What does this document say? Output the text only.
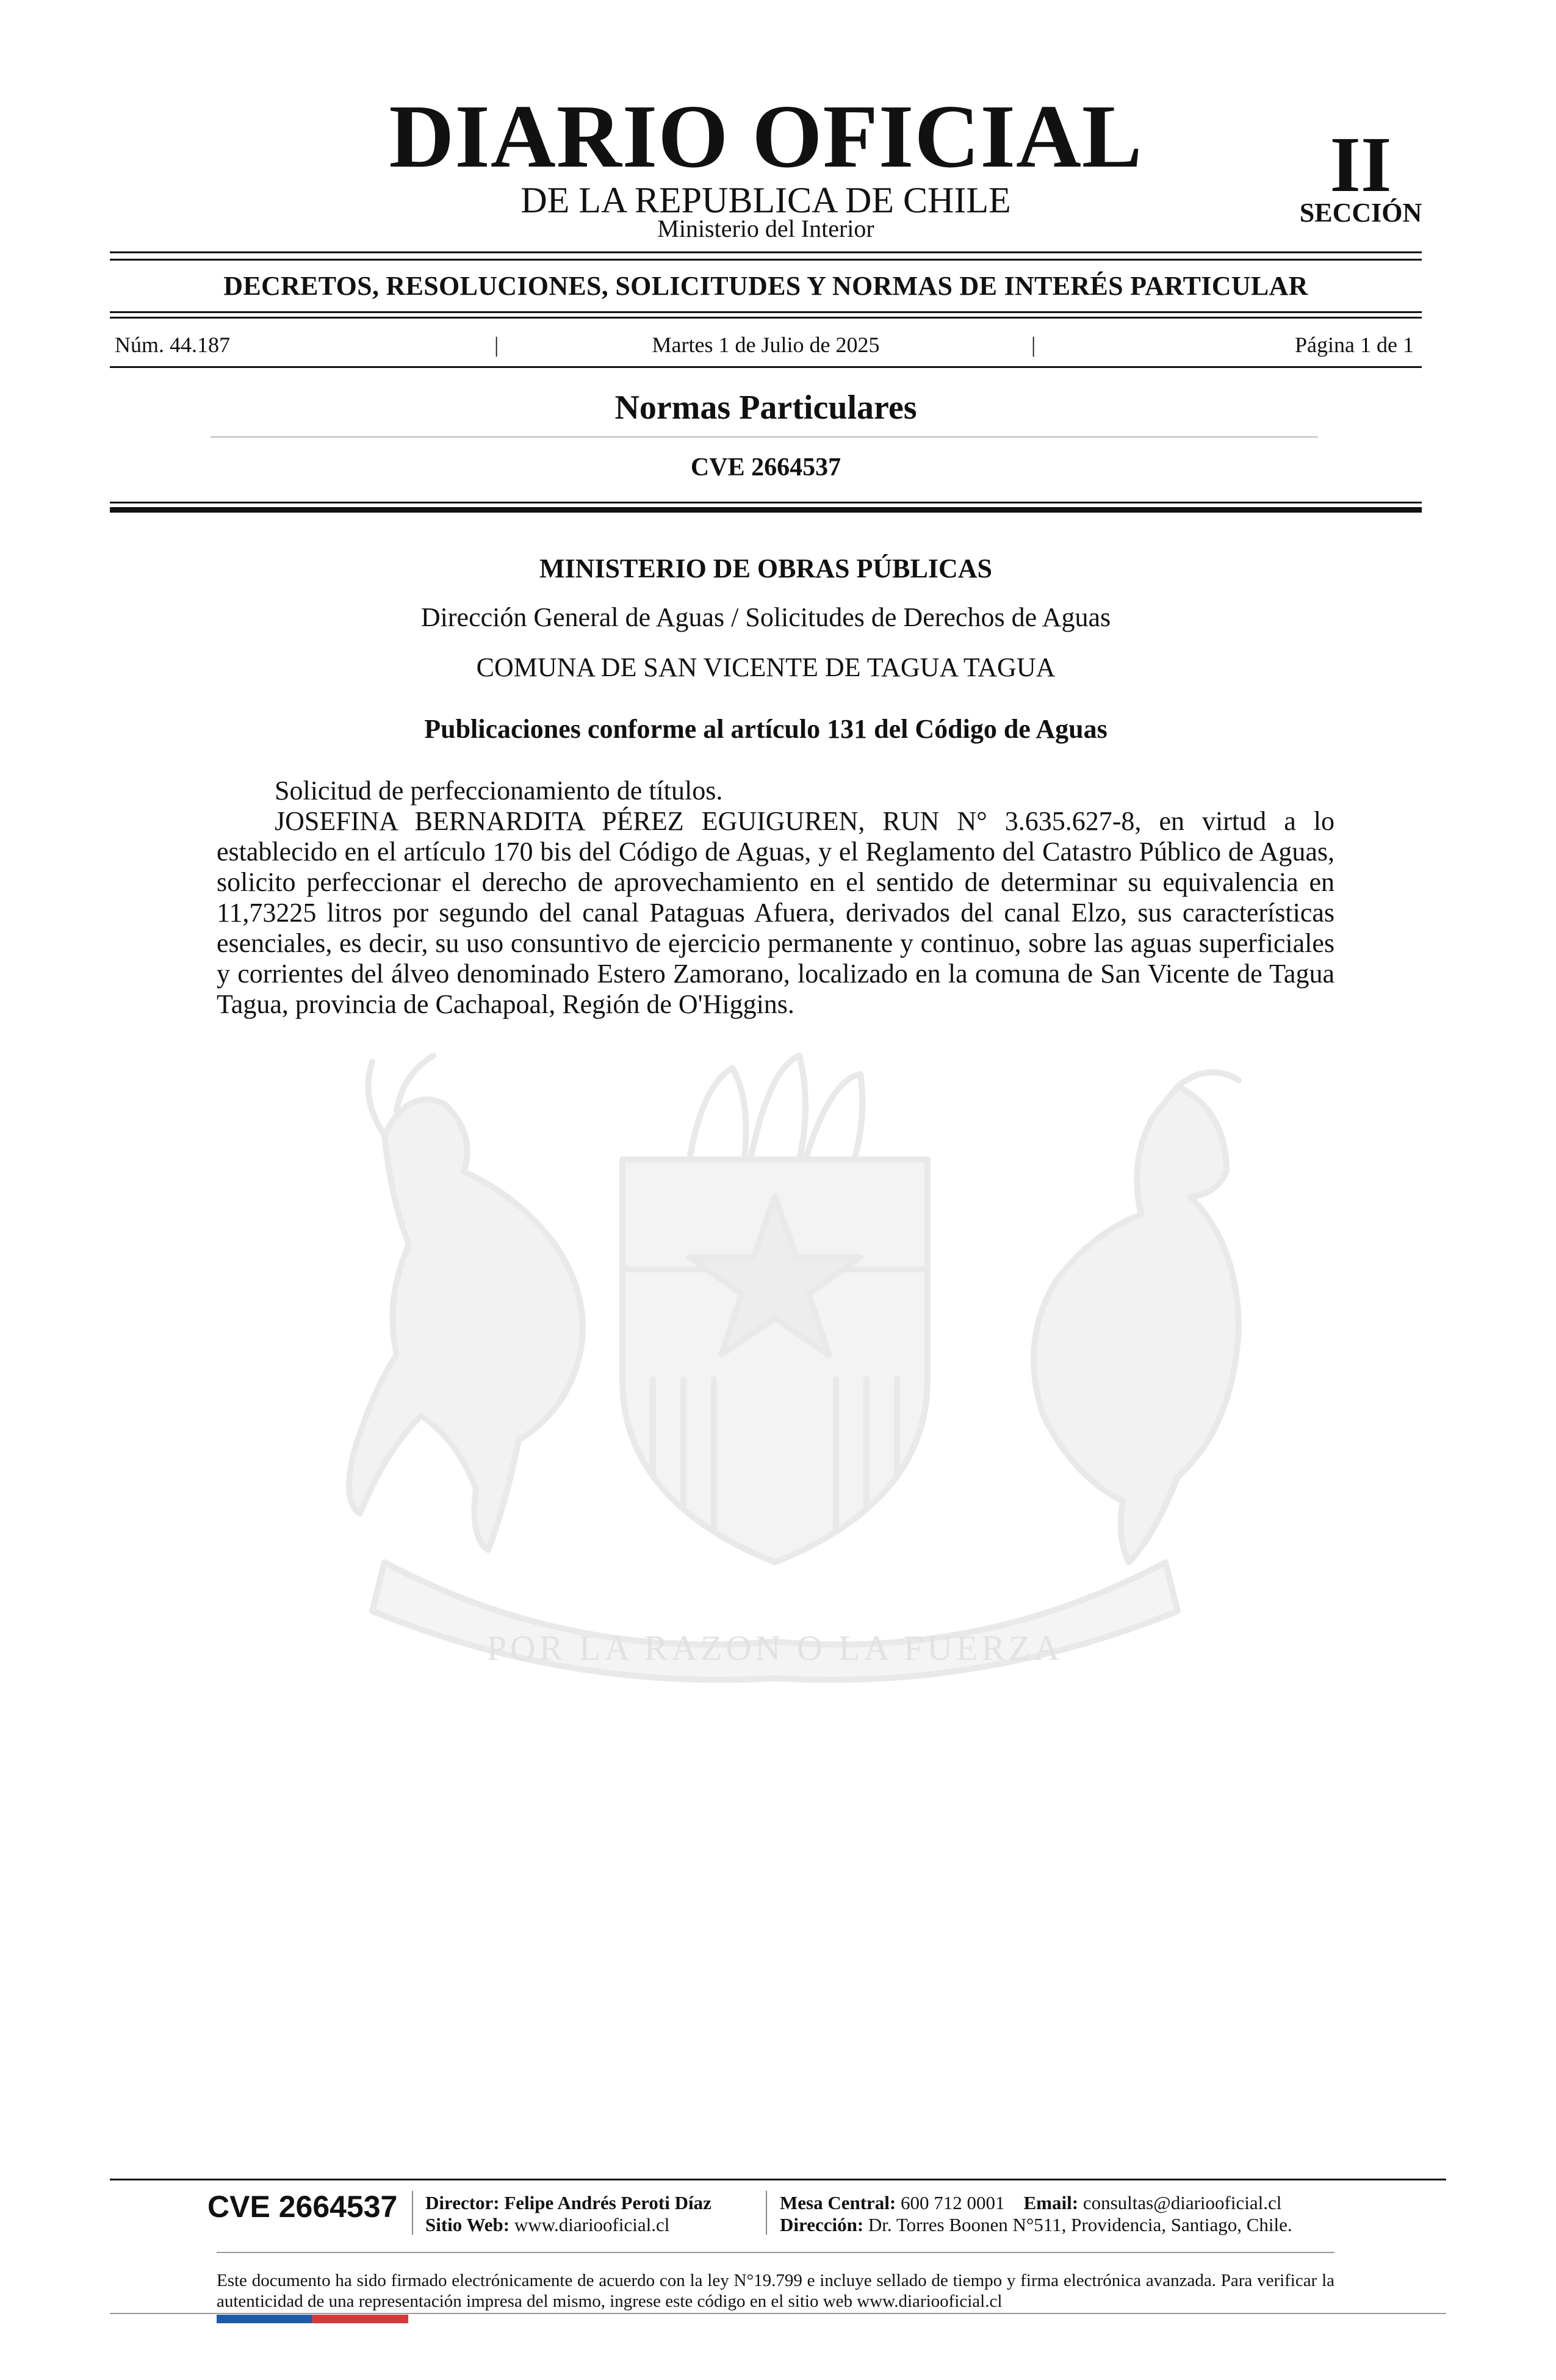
POR LA RAZON O LA FUERZA
DIARIO OFICIAL
DE LA REPUBLICA DE CHILE
Ministerio del Interior
II
SECCIÓN
DECRETOS, RESOLUCIONES, SOLICITUDES Y NORMAS DE INTERÉS PARTICULAR
Núm. 44.187	|	Martes 1 de Julio de 2025	|	Página 1 de 1
Normas Particulares
CVE 2664537
MINISTERIO DE OBRAS PÚBLICAS
Dirección General de Aguas / Solicitudes de Derechos de Aguas
COMUNA DE SAN VICENTE DE TAGUA TAGUA
Publicaciones conforme al artículo 131 del Código de Aguas

Solicitud de perfeccionamiento de títulos.

JOSEFINA BERNARDITA PÉREZ EGUIGUREN, RUN N° 3.635.627-8, en virtud a lo establecido en el artículo 170 bis del Código de Aguas, y el Reglamento del Catastro Público de Aguas, solicito perfeccionar el derecho de aprovechamiento en el sentido de determinar su equivalencia en 11,73225 litros por segundo del canal Pataguas Afuera, derivados del canal Elzo, sus características esenciales, es decir, su uso consuntivo de ejercicio permanente y continuo, sobre las aguas superficiales y corrientes del álveo denominado Estero Zamorano, localizado en la comuna de San Vicente de Tagua Tagua, provincia de Cachapoal, Región de O'Higgins.

CVE 2664537 Director: Felipe Andrés Peroti Díaz
Sitio Web: www.diariooficial.cl
Mesa Central: 600 712 0001 Email: consultas@diariooficial.cl
Dirección: Dr. Torres Boonen N°511, Providencia, Santiago, Chile.
Este documento ha sido firmado electrónicamente de acuerdo con la ley N°19.799 e incluye sellado de tiempo y firma electrónica avanzada. Para verificar la autenticidad de una representación impresa del mismo, ingrese este código en el sitio web www.diariooficial.cl
